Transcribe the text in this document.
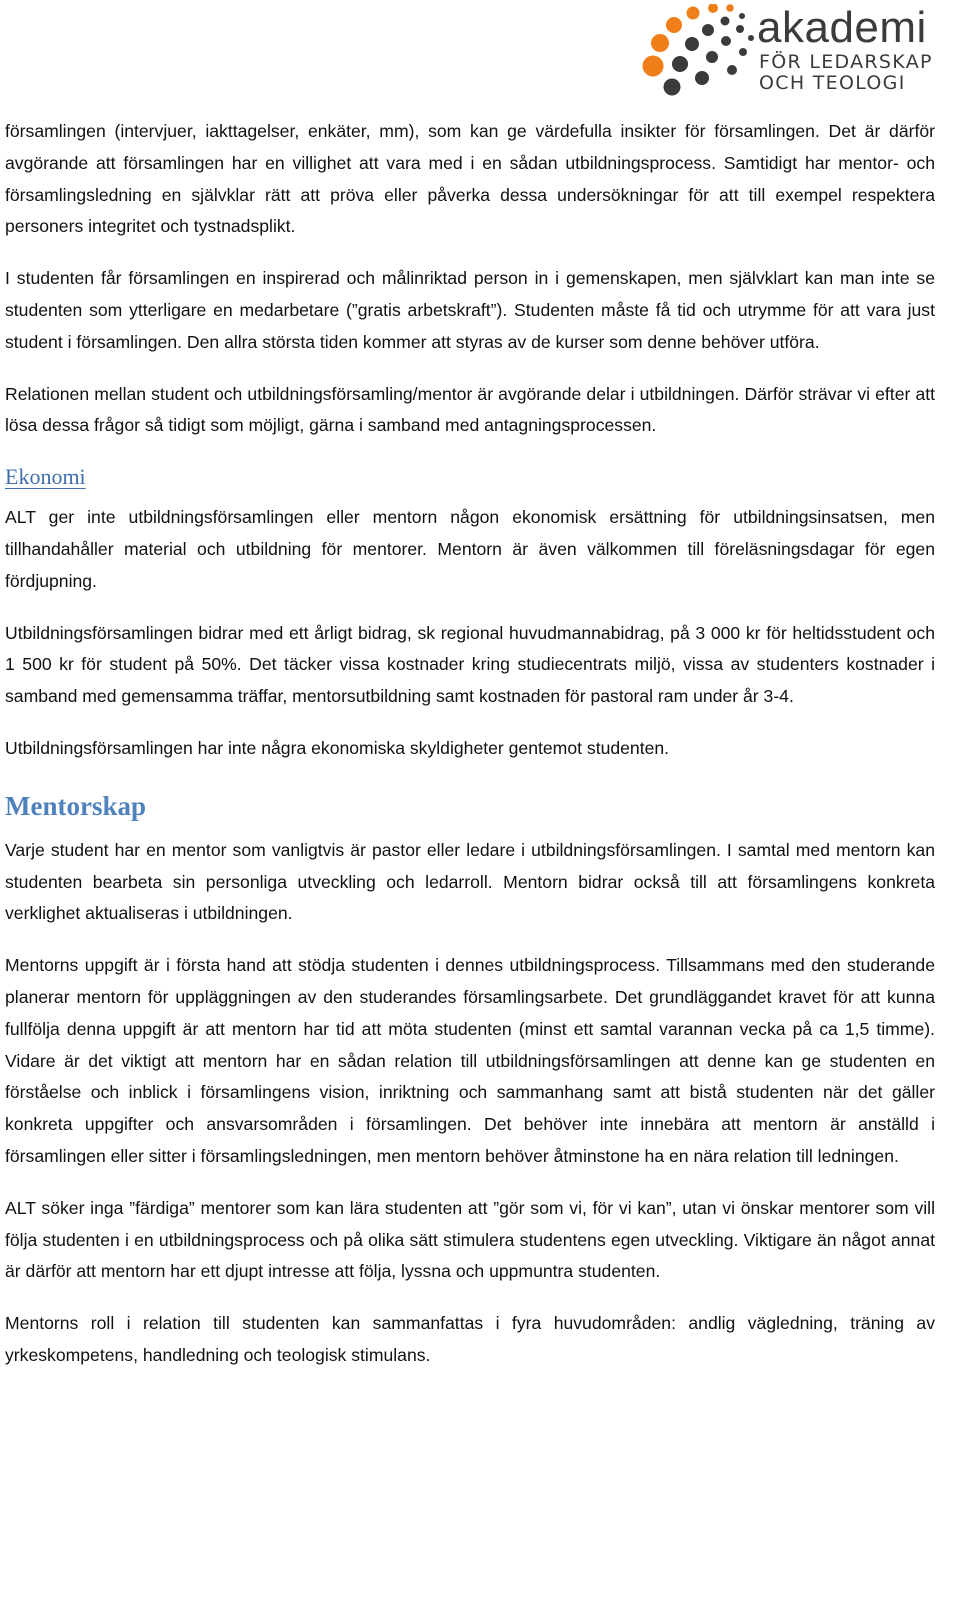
akademi
FÖR LEDARSKAP
OCH TEOLOGI

församlingen (intervjuer, iakttagelser, enkäter, mm), som kan ge värdefulla insikter för församlingen. Det är därför avgörande att församlingen har en villighet att vara med i en sådan utbildningsprocess. Samtidigt har mentor- och församlingsledning en självklar rätt att pröva eller påverka dessa undersökningar för att till exempel respektera personers integritet och tystnadsplikt.

I studenten får församlingen en inspirerad och målinriktad person in i gemenskapen, men självklart kan man inte se studenten som ytterligare en medarbetare (”gratis arbetskraft”). Studenten måste få tid och utrymme för att vara just student i församlingen. Den allra största tiden kommer att styras av de kurser som denne behöver utföra.

Relationen mellan student och utbildningsförsamling/mentor är avgörande delar i utbildningen. Därför strävar vi efter att lösa dessa frågor så tidigt som möjligt, gärna i samband med antagningsprocessen.

Ekonomi

ALT ger inte utbildningsförsamlingen eller mentorn någon ekonomisk ersättning för utbildningsinsatsen, men tillhandahåller material och utbildning för mentorer. Mentorn är även välkommen till föreläsningsdagar för egen fördjupning.

Utbildningsförsamlingen bidrar med ett årligt bidrag, sk regional huvudmannabidrag, på 3 000 kr för heltidsstudent och 1 500 kr för student på 50%. Det täcker vissa kostnader kring studiecentrats miljö, vissa av studenters kostnader i samband med gemensamma träffar, mentorsutbildning samt kostnaden för pastoral ram under år 3-4.

Utbildningsförsamlingen har inte några ekonomiska skyldigheter gentemot studenten.

Mentorskap

Varje student har en mentor som vanligtvis är pastor eller ledare i utbildningsförsamlingen. I samtal med mentorn kan studenten bearbeta sin personliga utveckling och ledarroll. Mentorn bidrar också till att församlingens konkreta verklighet aktualiseras i utbildningen.

Mentorns uppgift är i första hand att stödja studenten i dennes utbildningsprocess. Tillsammans med den studerande planerar mentorn för uppläggningen av den studerandes församlingsarbete. Det grundläggandet kravet för att kunna fullfölja denna uppgift är att mentorn har tid att möta studenten (minst ett samtal varannan vecka på ca 1,5 timme). Vidare är det viktigt att mentorn har en sådan relation till utbildningsförsamlingen att denne kan ge studenten en förståelse och inblick i församlingens vision, inriktning och sammanhang samt att bistå studenten när det gäller konkreta uppgifter och ansvarsområden i församlingen. Det behöver inte innebära att mentorn är anställd i församlingen eller sitter i församlingsledningen, men mentorn behöver åtminstone ha en nära relation till ledningen.

ALT söker inga ”färdiga” mentorer som kan lära studenten att ”gör som vi, för vi kan”, utan vi önskar mentorer som vill följa studenten i en utbildningsprocess och på olika sätt stimulera studentens egen utveckling. Viktigare än något annat är därför att mentorn har ett djupt intresse att följa, lyssna och uppmuntra studenten.

Mentorns roll i relation till studenten kan sammanfattas i fyra huvudområden: andlig vägledning, träning av yrkeskompetens, handledning och teologisk stimulans.
